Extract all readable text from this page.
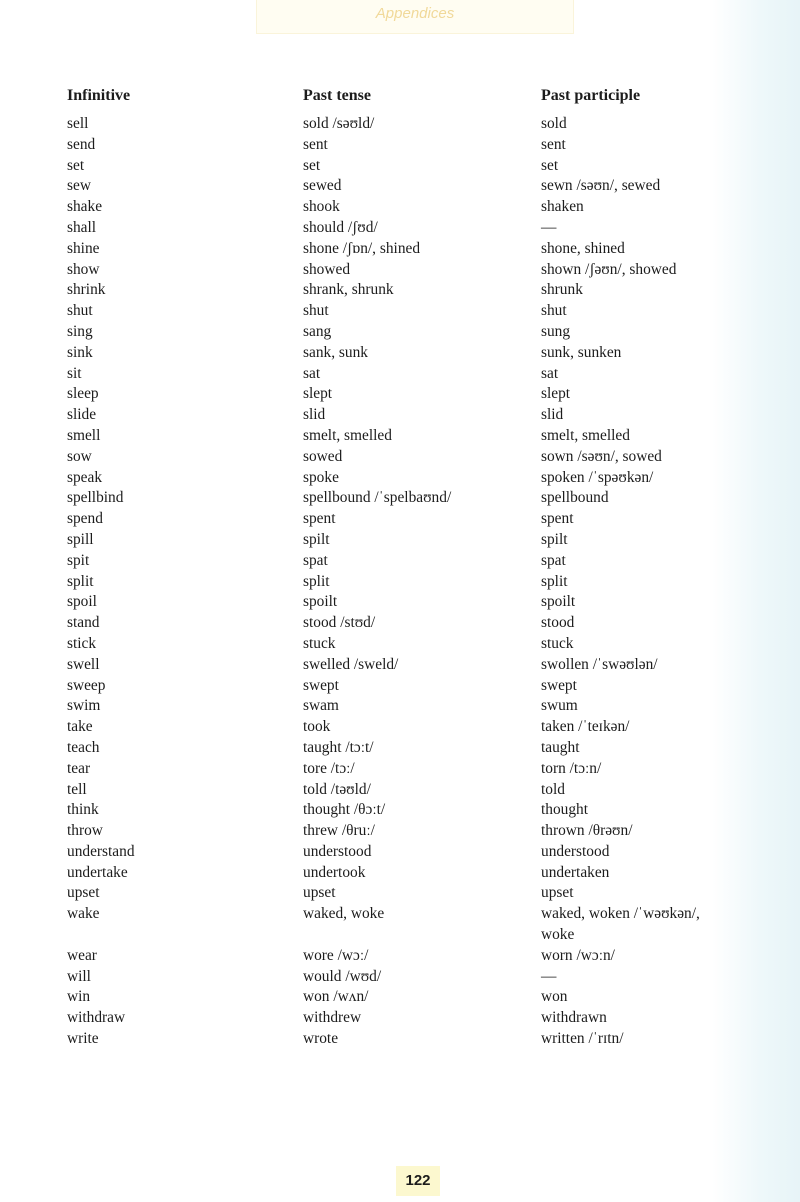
Appendices
Infinitive	Past tense	Past participle
sell	sold /səʊld/	sold
send	sent	sent
set	set	set
sew	sewed	sewn /səʊn/, sewed
shake	shook	shaken
shall	should /ʃʊd/	—
shine	shone /ʃɒn/, shined	shone, shined
show	showed	shown /ʃəʊn/, showed
shrink	shrank, shrunk	shrunk
shut	shut	shut
sing	sang	sung
sink	sank, sunk	sunk, sunken
sit	sat	sat
sleep	slept	slept
slide	slid	slid
smell	smelt, smelled	smelt, smelled
sow	sowed	sown /səʊn/, sowed
speak	spoke	spoken /ˈspəʊkən/
spellbind	spellbound /ˈspelbaʊnd/	spellbound
spend	spent	spent
spill	spilt	spilt
spit	spat	spat
split	split	split
spoil	spoilt	spoilt
stand	stood /stʊd/	stood
stick	stuck	stuck
swell	swelled /sweld/	swollen /ˈswəʊlən/
sweep	swept	swept
swim	swam	swum
take	took	taken /ˈteɪkən/
teach	taught /tɔːt/	taught
tear	tore /tɔː/	torn /tɔːn/
tell	told /təʊld/	told
think	thought /θɔːt/	thought
throw	threw /θruː/	thrown /θrəʊn/
understand	understood	understood
undertake	undertook	undertaken
upset	upset	upset
wake	waked, woke	waked, woken /ˈwəʊkən/,
woke
wear	wore /wɔː/	worn /wɔːn/
will	would /wʊd/	—
win	won /wʌn/	won
withdraw	withdrew	withdrawn
write	wrote	written /ˈrɪtn/
122
